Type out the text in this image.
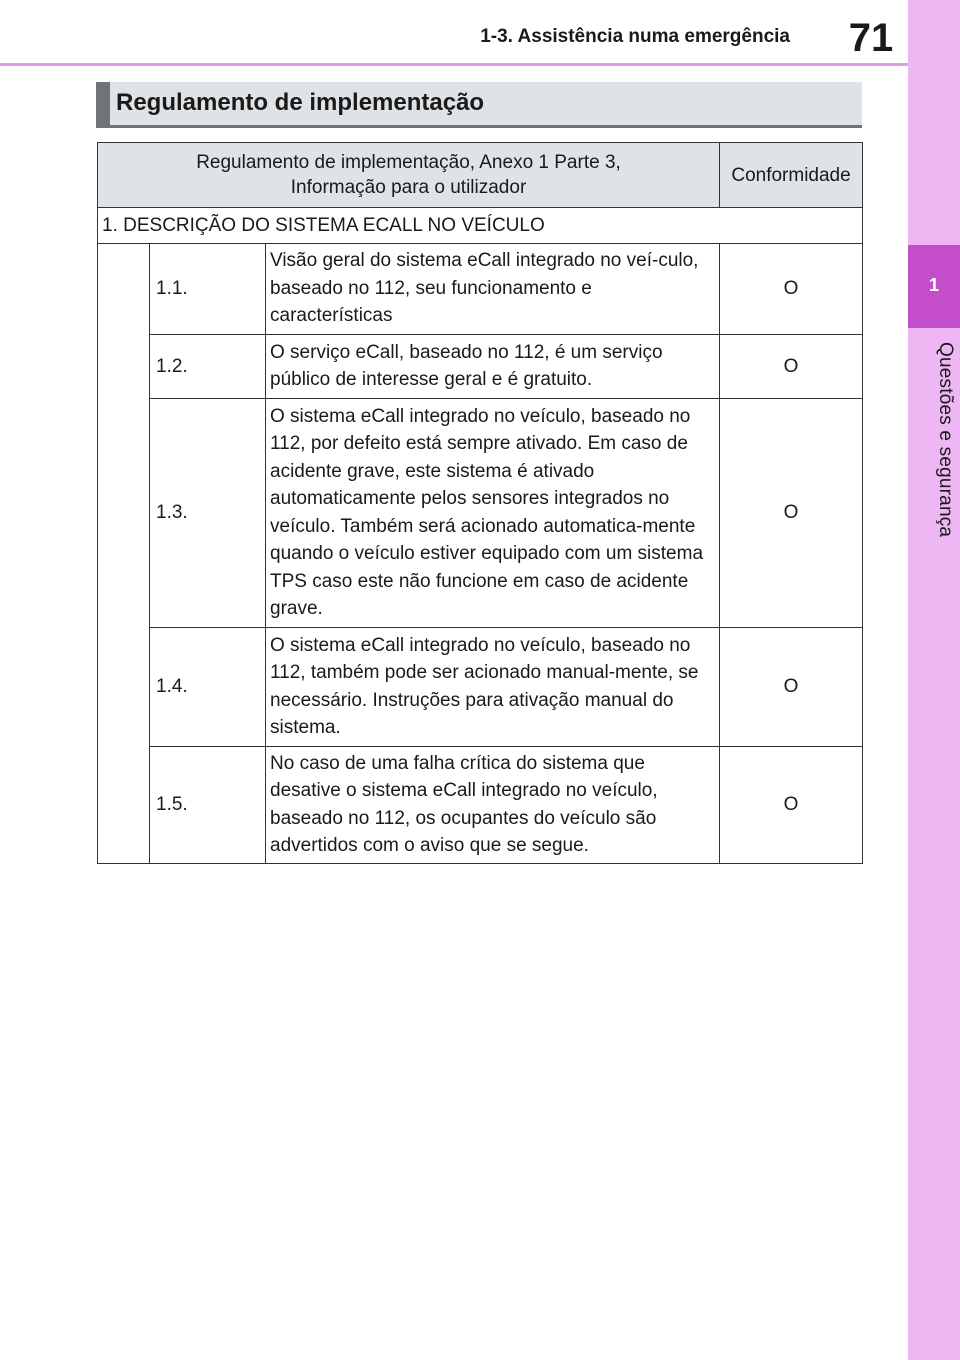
1-3. Assistência numa emergência 71
1
Questões e segurança
Regulamento de implementação
Regulamento de implementação, Anexo 1 Parte 3,
Informação para o utilizador			Conformidade
1. DESCRIÇÃO DO SISTEMA ECALL NO VEÍCULO			
	1.1.	Visão geral do sistema eCall integrado no veí-culo, baseado no 112, seu funcionamento e características	O
	1.2.	O serviço eCall, baseado no 112, é um serviço público de interesse geral e é gratuito.	O
	1.3.	O sistema eCall integrado no veículo, baseado no 112, por defeito está sempre ativado. Em caso de acidente grave, este sistema é ativado automaticamente pelos sensores integrados no veículo. Também será acionado automatica-mente quando o veículo estiver equipado com um sistema TPS caso este não funcione em caso de acidente grave.	O
	1.4.	O sistema eCall integrado no veículo, baseado no 112, também pode ser acionado manual-mente, se necessário. Instruções para ativação manual do sistema.	O
	1.5.	No caso de uma falha crítica do sistema que desative o sistema eCall integrado no veículo, baseado no 112, os ocupantes do veículo são advertidos com o aviso que se segue.	O
